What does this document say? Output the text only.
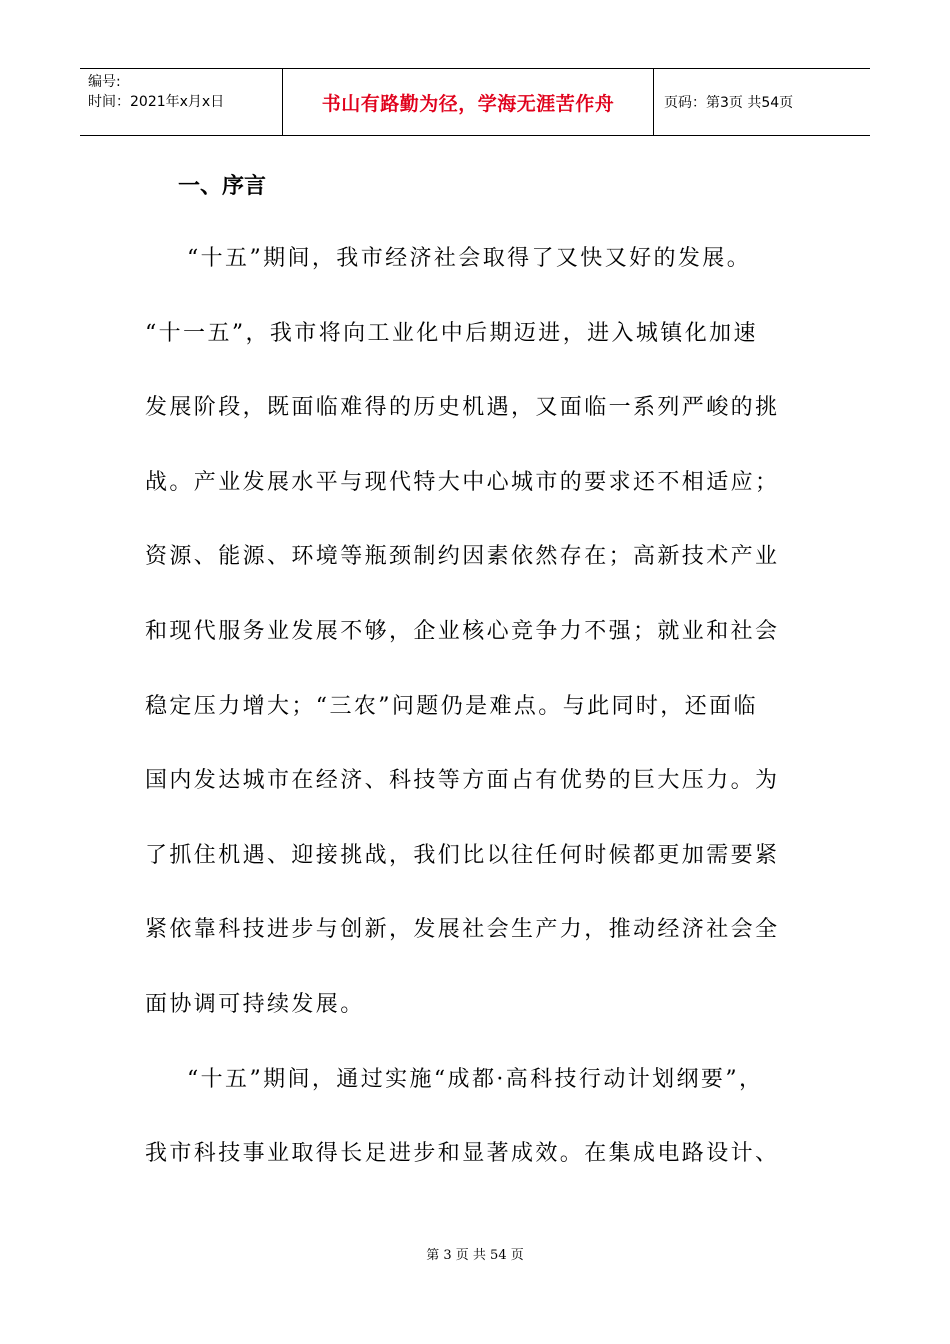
编号:
时间：2021年x月x日	书山有路勤为径，学海无涯苦作舟	页码：第3页 共54页
一、序言
“十五”期间，我市经济社会取得了又快又好的发展。
“十一五”，我市将向工业化中后期迈进，进入城镇化加速
发展阶段，既面临难得的历史机遇，又面临一系列严峻的挑
战。产业发展水平与现代特大中心城市的要求还不相适应；
资源、能源、环境等瓶颈制约因素依然存在；高新技术产业
和现代服务业发展不够，企业核心竞争力不强；就业和社会
稳定压力增大；“三农”问题仍是难点。与此同时，还面临
国内发达城市在经济、科技等方面占有优势的巨大压力。为
了抓住机遇、迎接挑战，我们比以往任何时候都更加需要紧
紧依靠科技进步与创新，发展社会生产力，推动经济社会全
面协调可持续发展。
“十五”期间，通过实施“成都·高科技行动计划纲要”，
我市科技事业取得长足进步和显著成效。在集成电路设计、
第 3 页 共 54 页
